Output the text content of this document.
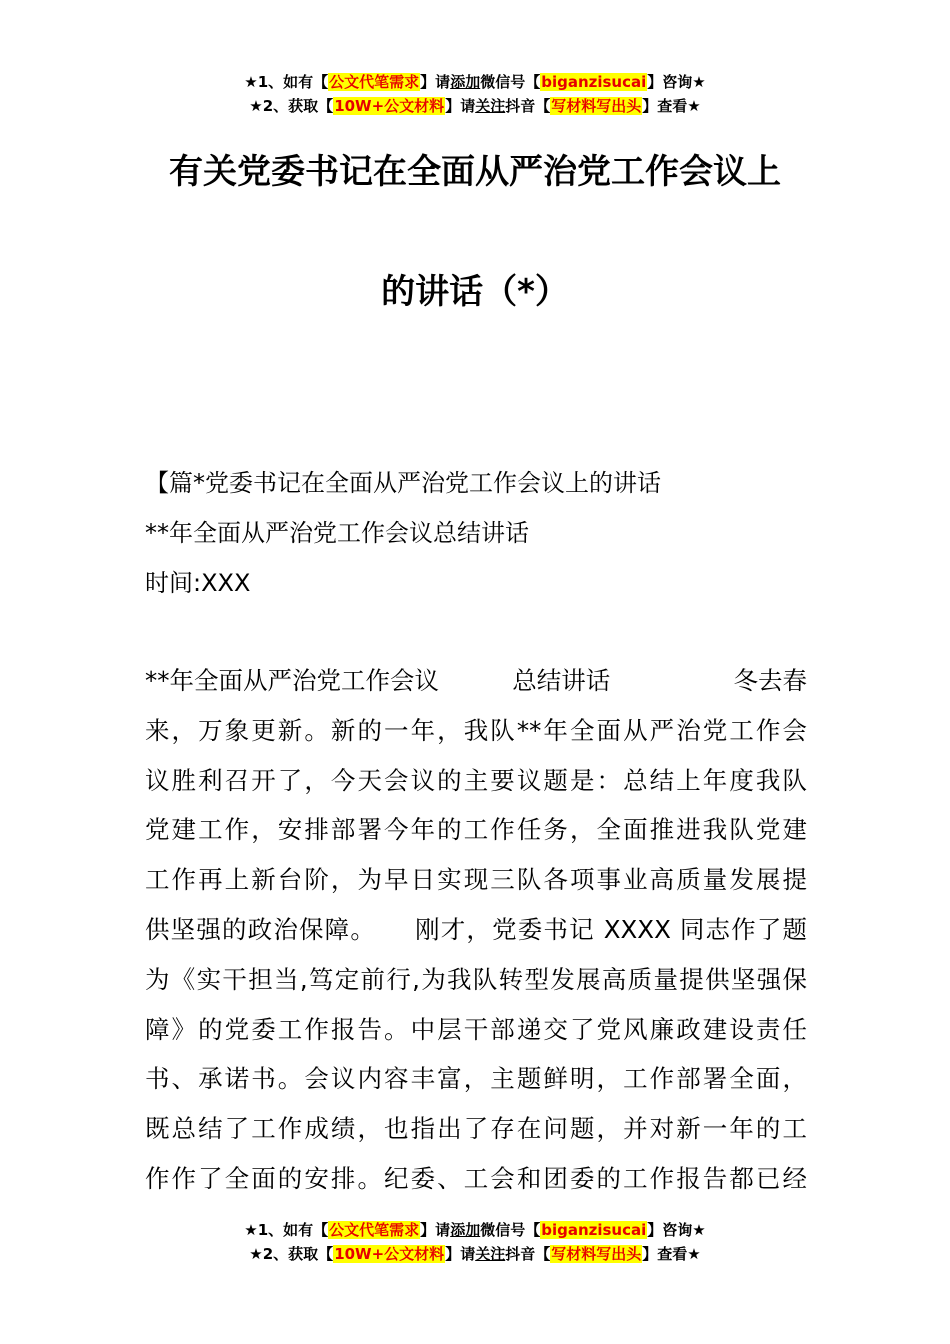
★1、如有【公文代笔需求】请添加微信号【biganzisucai】咨询★
★2、获取【10W+公文材料】请关注抖音【写材料写出头】查看★
有关党委书记在全面从严治党工作会议上
的讲话（*）
【篇*党委书记在全面从严治党工作会议上的讲话
**年全面从严治党工作会议总结讲话
时间:XXX
**年全面从严治党工作会议	总结讲话	冬去春
来，万象更新。新的一年，我队**年全面从严治党工作会
议胜利召开了，今天会议的主要议题是：总结上年度我队
党建工作，安排部署今年的工作任务，全面推进我队党建
工作再上新台阶，为早日实现三队各项事业高质量发展提
供坚强的政治保障。　　刚才，党委书记 XXXX 同志作了题
为《实干担当,笃定前行,为我队转型发展高质量提供坚强保
障》的党委工作报告。中层干部递交了党风廉政建设责任
书、承诺书。会议内容丰富，主题鲜明，工作部署全面，
既总结了工作成绩，也指出了存在问题，并对新一年的工
作作了全面的安排。纪委、工会和团委的工作报告都已经
★1、如有【公文代笔需求】请添加微信号【biganzisucai】咨询★
★2、获取【10W+公文材料】请关注抖音【写材料写出头】查看★
